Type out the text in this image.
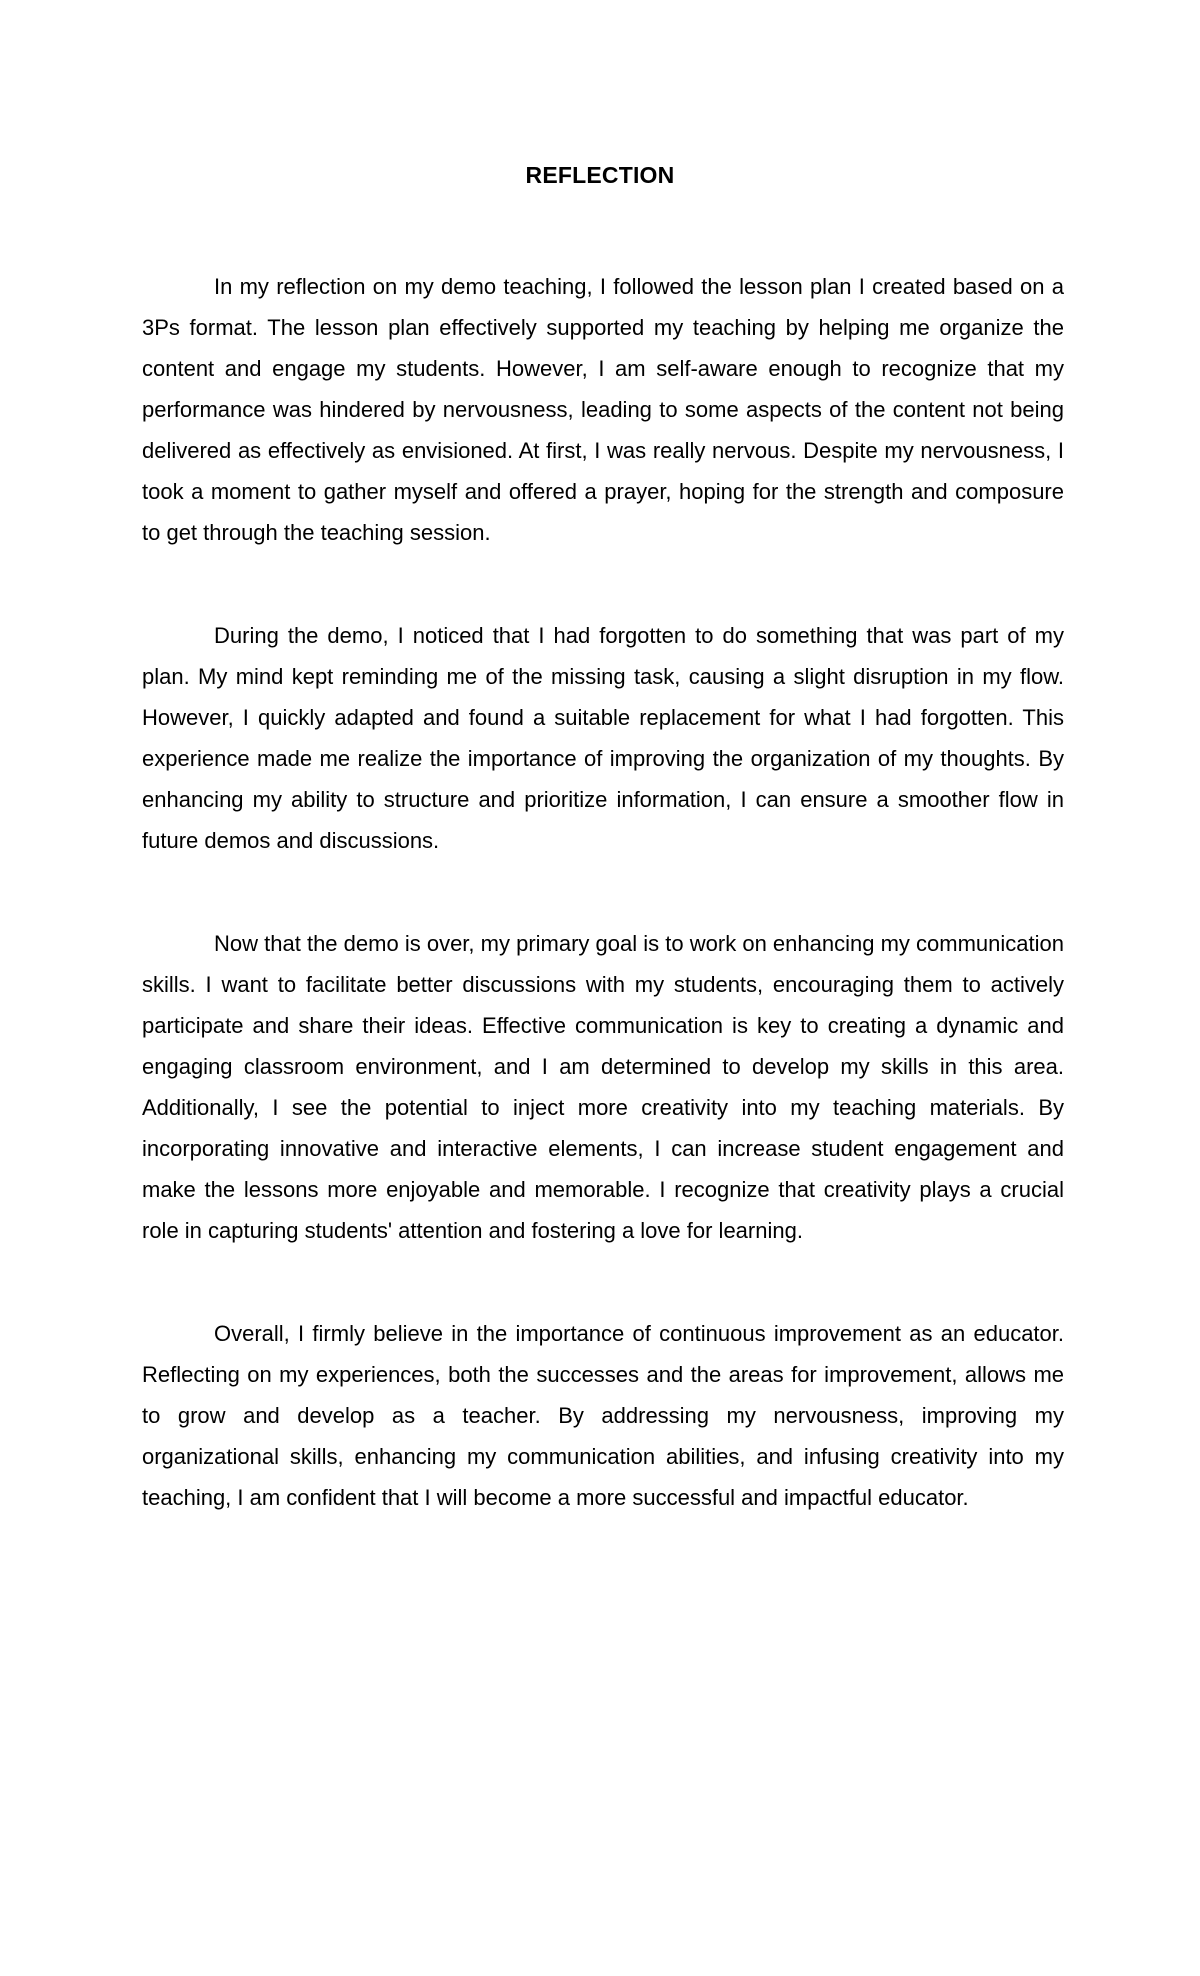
REFLECTION

In my reflection on my demo teaching, I followed the lesson plan I created based on a 3Ps format. The lesson plan effectively supported my teaching by helping me organize the content and engage my students. However, I am self-aware enough to recognize that my performance was hindered by nervousness, leading to some aspects of the content not being delivered as effectively as envisioned. At first, I was really nervous. Despite my nervousness, I took a moment to gather myself and offered a prayer, hoping for the strength and composure to get through the teaching session.

During the demo, I noticed that I had forgotten to do something that was part of my plan. My mind kept reminding me of the missing task, causing a slight disruption in my flow. However, I quickly adapted and found a suitable replacement for what I had forgotten. This experience made me realize the importance of improving the organization of my thoughts. By enhancing my ability to structure and prioritize information, I can ensure a smoother flow in future demos and discussions.

Now that the demo is over, my primary goal is to work on enhancing my communication skills. I want to facilitate better discussions with my students, encouraging them to actively participate and share their ideas. Effective communication is key to creating a dynamic and engaging classroom environment, and I am determined to develop my skills in this area. Additionally, I see the potential to inject more creativity into my teaching materials. By incorporating innovative and interactive elements, I can increase student engagement and make the lessons more enjoyable and memorable. I recognize that creativity plays a crucial role in capturing students' attention and fostering a love for learning.

Overall, I firmly believe in the importance of continuous improvement as an educator. Reflecting on my experiences, both the successes and the areas for improvement, allows me to grow and develop as a teacher. By addressing my nervousness, improving my organizational skills, enhancing my communication abilities, and infusing creativity into my teaching, I am confident that I will become a more successful and impactful educator.
